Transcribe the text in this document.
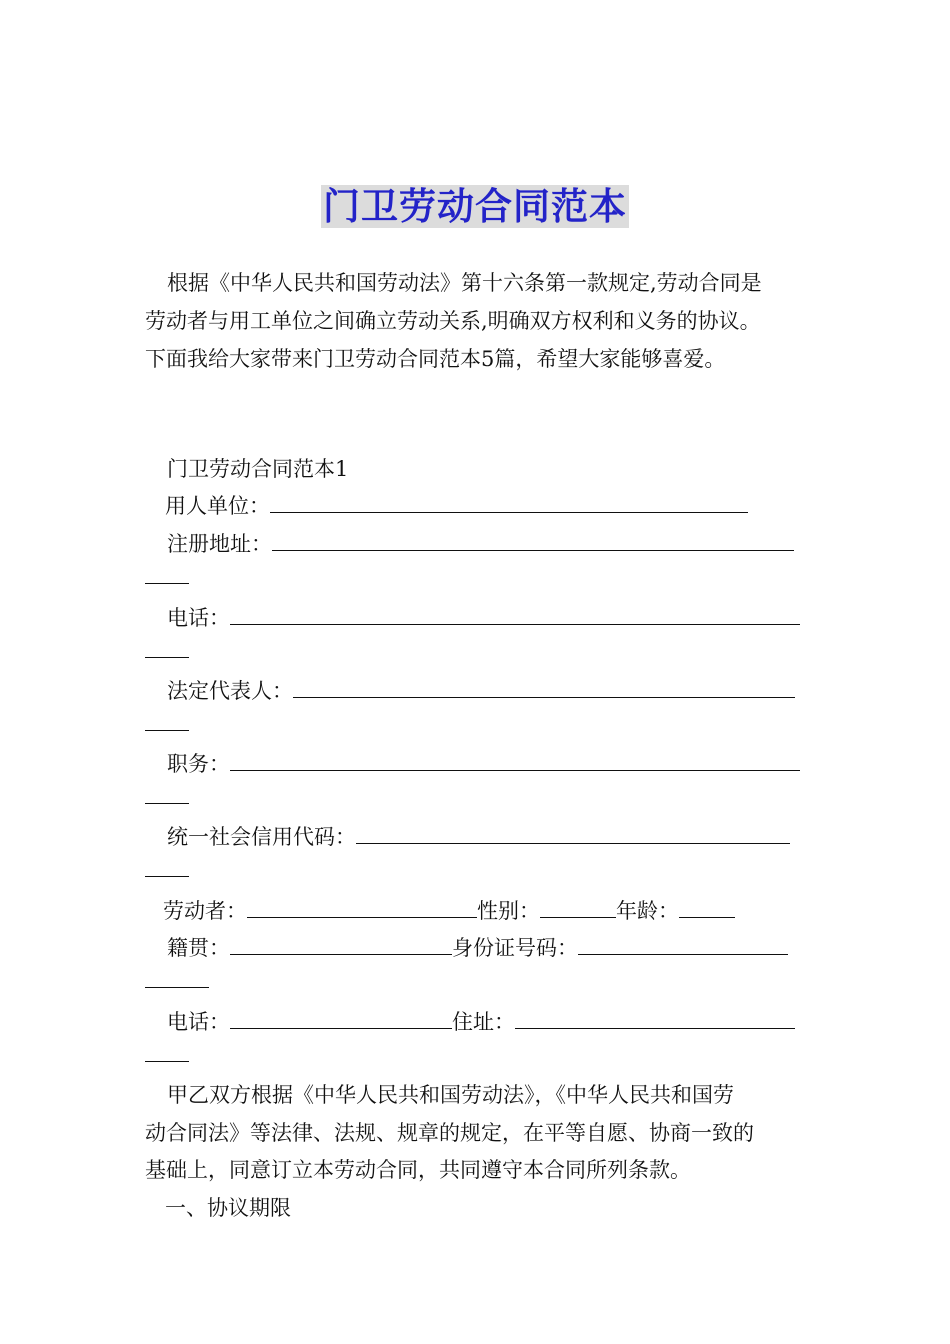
门卫劳动合同范本
根据《中华人民共和国劳动法》第十六条第一款规定,劳动合同是
劳动者与用工单位之间确立劳动关系,明确双方权利和义务的协议。
下面我给大家带来门卫劳动合同范本5篇，希望大家能够喜爱。
门卫劳动合同范本1
用人单位：
注册地址：
电话：
法定代表人：
职务：
统一社会信用代码：
劳动者：	性别：	年龄：
籍贯：	身份证号码：
电话：	住址：
甲乙双方根据《中华人民共和国劳动法》，《中华人民共和国劳
动合同法》等法律、法规、规章的规定，在平等自愿、协商一致的
基础上，同意订立本劳动合同，共同遵守本合同所列条款。
一、协议期限
